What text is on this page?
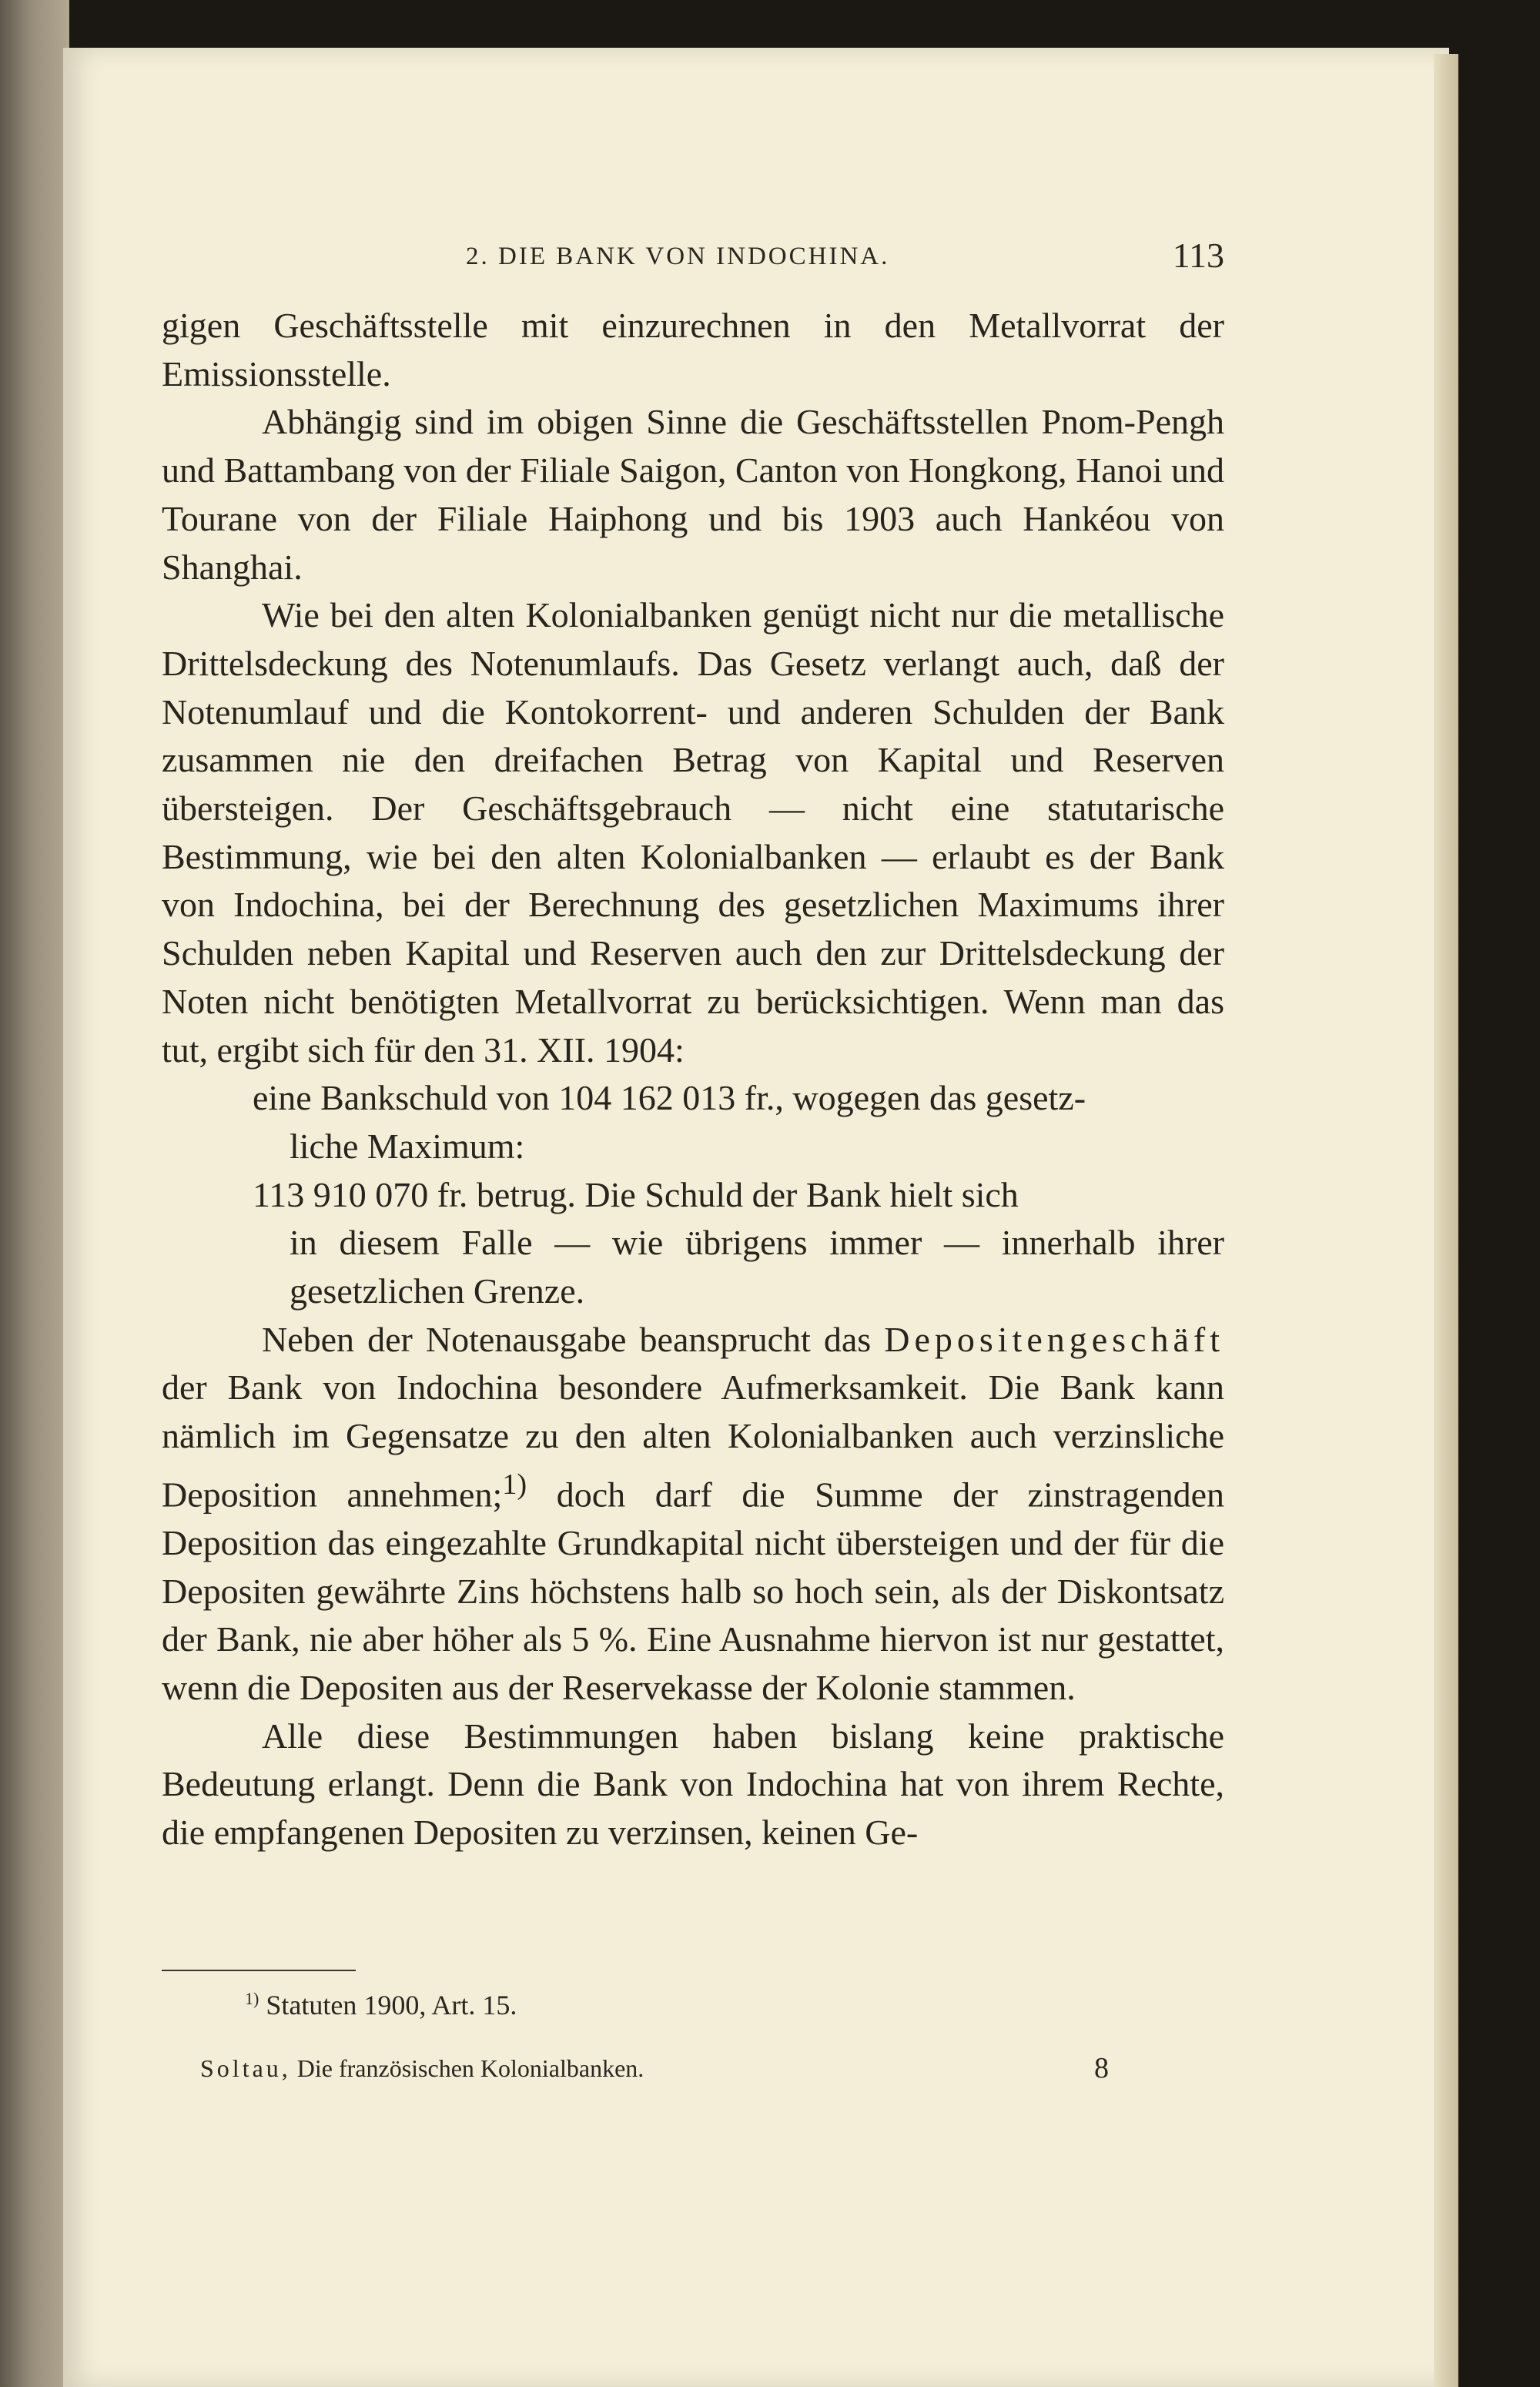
2. DIE BANK VON INDOCHINA.	113

gigen Geschäftsstelle mit einzurechnen in den Metallvorrat der Emissionsstelle.

Abhängig sind im obigen Sinne die Geschäftsstellen Pnom-Pengh und Battambang von der Filiale Saigon, Canton von Hongkong, Hanoi und Tourane von der Filiale Haiphong und bis 1903 auch Hankéou von Shanghai.

Wie bei den alten Kolonialbanken genügt nicht nur die metallische Drittelsdeckung des Notenumlaufs. Das Gesetz verlangt auch, daß der Notenumlauf und die Kontokorrent- und anderen Schulden der Bank zusammen nie den dreifachen Betrag von Kapital und Reserven übersteigen. Der Geschäftsgebrauch — nicht eine statutarische Bestimmung, wie bei den alten Kolonialbanken — erlaubt es der Bank von Indochina, bei der Berechnung des gesetzlichen Maximums ihrer Schulden neben Kapital und Reserven auch den zur Drittelsdeckung der Noten nicht benötigten Metallvorrat zu berücksichtigen. Wenn man das tut, ergibt sich für den 31. XII. 1904:

eine Bankschuld von 104 162 013 fr., wogegen das gesetz-
liche Maximum:

113 910 070 fr. betrug. Die Schuld der Bank hielt sich
in diesem Falle — wie übrigens immer — innerhalb ihrer gesetzlichen Grenze.

Neben der Notenausgabe beansprucht das Depositengeschäft der Bank von Indochina besondere Aufmerksamkeit. Die Bank kann nämlich im Gegensatze zu den alten Kolonialbanken auch verzinsliche Deposition annehmen;$^{1)}$ doch darf die Summe der zinstragenden Deposition das eingezahlte Grundkapital nicht übersteigen und der für die Depositen gewährte Zins höchstens halb so hoch sein, als der Diskontsatz der Bank, nie aber höher als 5 %. Eine Ausnahme hiervon ist nur gestattet, wenn die Depositen aus der Reservekasse der Kolonie stammen.

Alle diese Bestimmungen haben bislang keine praktische Bedeutung erlangt. Denn die Bank von Indochina hat von ihrem Rechte, die empfangenen Depositen zu verzinsen, keinen Ge-

$^{1)}$ Statuten 1900, Art. 15.
Soltau, Die französischen Kolonialbanken.	8
